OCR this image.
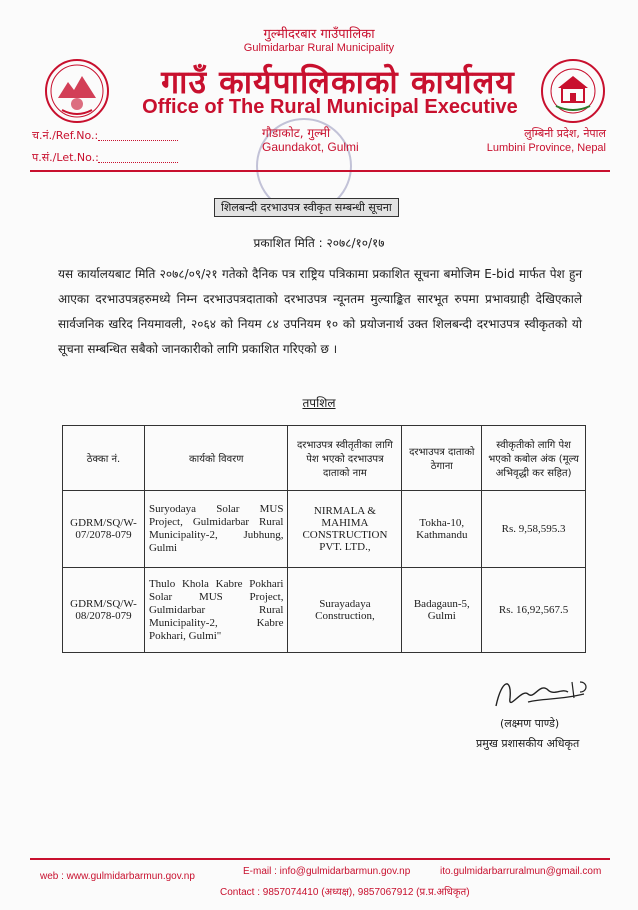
गुल्मीदरबार गाउँपालिका
Gulmidarbar Rural Municipality
गाउँ कार्यपालिकाको कार्यालय
Office of The Rural Municipal Executive
च.नं./Ref.No.:
प.सं./Let.No.:
गौडाकोट, गुल्मी
Gaundakot, Gulmi
लुम्बिनी प्रदेश, नेपाल
Lumbini Province, Nepal
शिलबन्दी दरभाउपत्र स्वीकृत सम्बन्धी सूचना
प्रकाशित मिति : २०७८/१०/१७
यस कार्यालयबाट मिति २०७८/०९/२१ गतेको दैनिक पत्र राष्ट्रिय पत्रिकामा प्रकाशित सूचना बमोजिम E-bid मार्फत पेश हुन आएका दरभाउपत्रहरुमध्ये निम्न दरभाउपत्रदाताको दरभाउपत्र न्यूनतम मुल्याङ्कित सारभूत रुपमा प्रभावग्राही देखिएकाले सार्वजनिक खरिद नियमावली, २०६४ को नियम ८४ उपनियम १० को प्रयोजनार्थ उक्त शिलबन्दी दरभाउपत्र स्वीकृतको यो सूचना सम्बन्धित सबैको जानकारीको लागि प्रकाशित गरिएको छ ।
तपशिल
ठेक्का नं.	कार्यको विवरण	दरभाउपत्र स्वीतृतीका लागि पेश भएको दरभाउपत्र दाताको नाम	दरभाउपत्र दाताको ठेगाना	स्वीकृतीको लागि पेश भएको कबोल अंक (मूल्य अभिवृद्धी कर सहित)
GDRM/SQ/W-07/2078-079	Suryodaya Solar MUS Project, Gulmidarbar Rural Municipality-2, Jubhung, Gulmi	NIRMALA & MAHIMA CONSTRUCTION PVT. LTD.,	Tokha-10, Kathmandu	Rs. 9,58,595.3
GDRM/SQ/W-08/2078-079	Thulo Khola Kabre Pokhari Solar MUS Project, Gulmidarbar Rural Municipality-2, Kabre Pokhari, Gulmi"	Surayadaya Construction,	Badagaun-5, Gulmi	Rs. 16,92,567.5
(लक्ष्मण पाण्डे)
प्रमुख प्रशासकीय अधिकृत
web : www.gulmidarbarmun.gov.np	E-mail : info@gulmidarbarmun.gov.np	ito.gulmidarbarruralmun@gmail.com
Contact : 9857074410 (अध्यक्ष), 9857067912 (प्र.प्र.अधिकृत)
